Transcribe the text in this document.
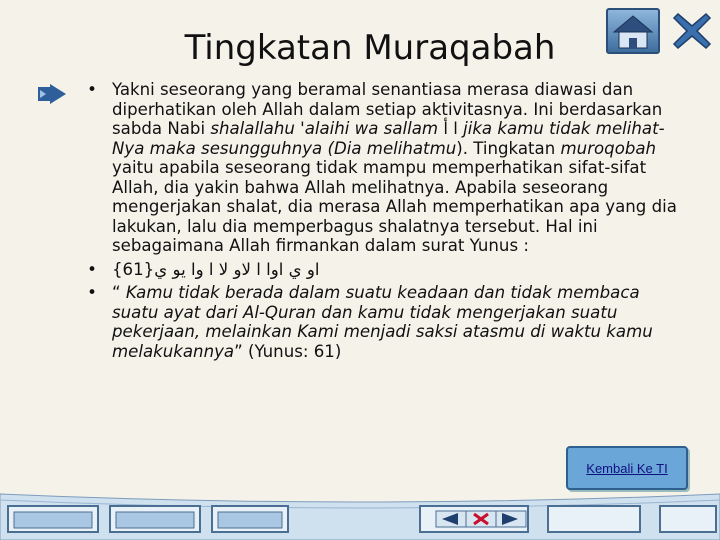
Tingkatan Muraqabah
• Yakni seseorang yang beramal senantiasa merasa diawasi dan diperhatikan oleh Allah dalam setiap aktivitasnya. Ini berdasarkan sabda Nabi shalallahu 'alaihi wa sallam ا أ jika kamu tidak melihat-Nya maka sesungguhnya (Dia melihatmu). Tingkatan muroqobah yaitu apabila seseorang tidak mampu memperhatikan sifat-sifat Allah, dia yakin bahwa Allah melihatnya. Apabila seseorang mengerjakan shalat, dia merasa Allah memperhatikan apa yang dia lakukan, lalu dia memperbagus shalatnya tersebut. Hal ini sebagaimana Allah firmankan dalam surat Yunus :
• {61} او ي اوا ا لاو لا ا وا يو ي
• “ Kamu tidak berada dalam suatu keadaan dan tidak membaca suatu ayat dari Al-Quran dan kamu tidak mengerjakan suatu pekerjaan, melainkan Kami menjadi saksi atasmu di waktu kamu melakukannya” (Yunus: 61)
Kembali Ke TI
